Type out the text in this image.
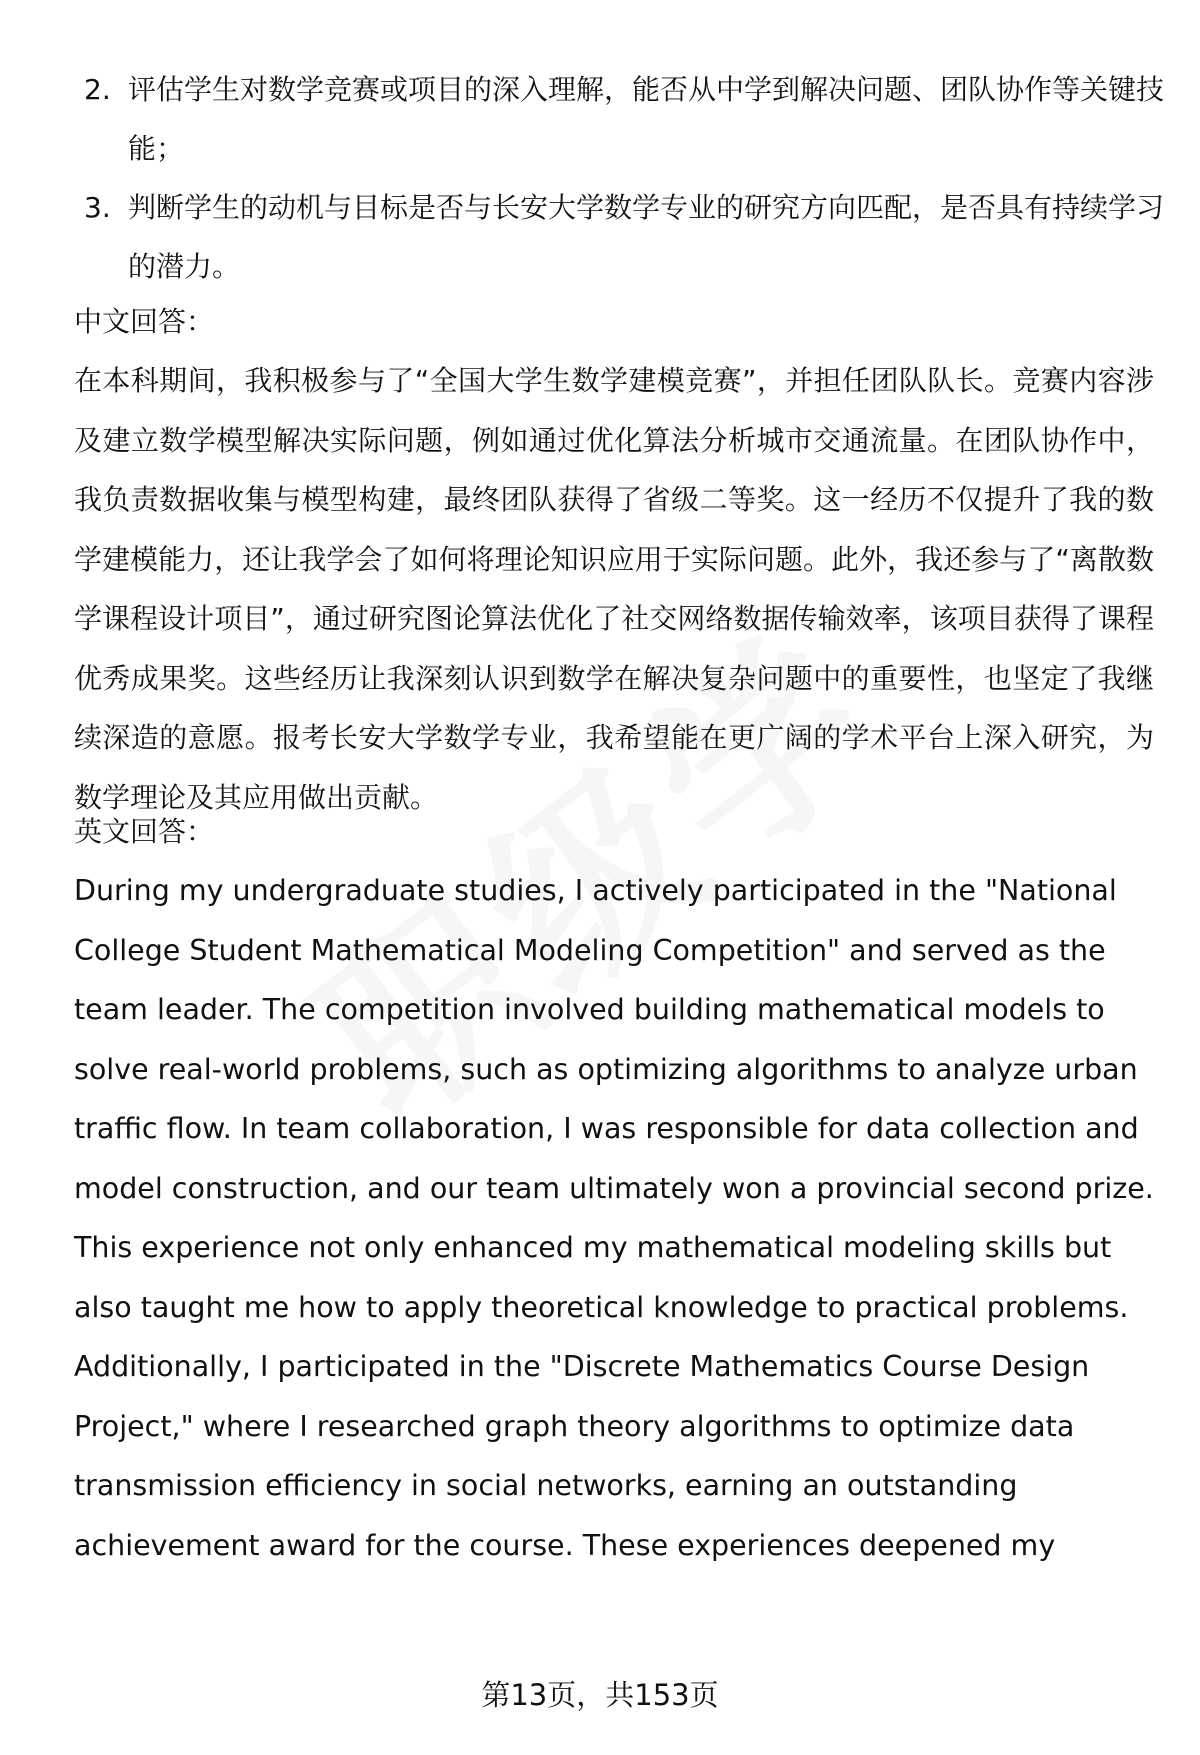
2. 评估学生对数学竞赛或项目的深入理解，能否从中学到解决问题、团队协作等关键技能；
3. 判断学生的动机与目标是否与长安大学数学专业的研究方向匹配，是否具有持续学习的潜力。
中文回答：
在本科期间，我积极参与了“全国大学生数学建模竞赛”，并担任团队队长。竞赛内容涉及建立数学模型解决实际问题，例如通过优化算法分析城市交通流量。在团队协作中，我负责数据收集与模型构建，最终团队获得了省级二等奖。这一经历不仅提升了我的数学建模能力，还让我学会了如何将理论知识应用于实际问题。此外，我还参与了“离散数学课程设计项目”，通过研究图论算法优化了社交网络数据传输效率，该项目获得了课程优秀成果奖。这些经历让我深刻认识到数学在解决复杂问题中的重要性，也坚定了我继续深造的意愿。报考长安大学数学专业，我希望能在更广阔的学术平台上深入研究，为数学理论及其应用做出贡献。
英文回答：
During my undergraduate studies, I actively participated in the "National College Student Mathematical Modeling Competition" and served as the team leader. The competition involved building mathematical models to solve real-world problems, such as optimizing algorithms to analyze urban traffic flow. In team collaboration, I was responsible for data collection and model construction, and our team ultimately won a provincial second prize. This experience not only enhanced my mathematical modeling skills but also taught me how to apply theoretical knowledge to practical problems. Additionally, I participated in the "Discrete Mathematics Course Design Project," where I researched graph theory algorithms to optimize data transmission efficiency in social networks, earning an outstanding achievement award for the course. These experiences deepened my
第13页，共153页
